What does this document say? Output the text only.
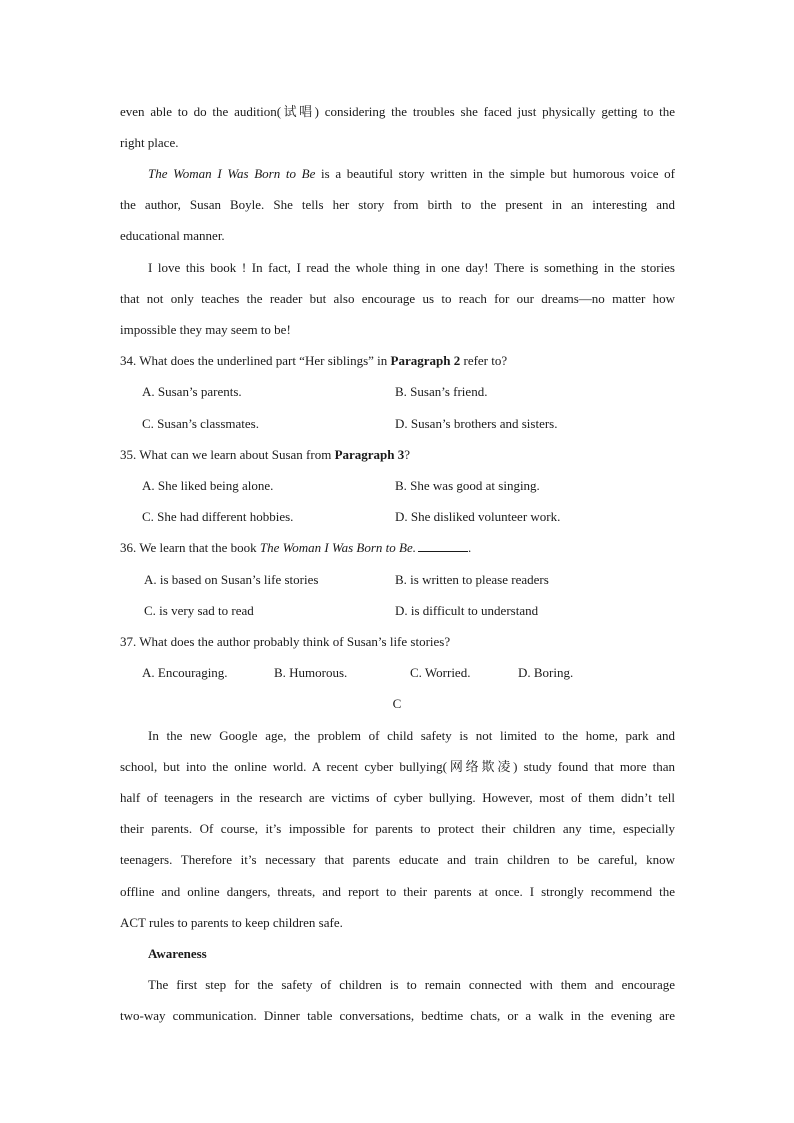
even able to do the audition(试唱) considering the troubles she faced just physically getting to the
right place.
The Woman I Was Born to Be is a beautiful story written in the simple but humorous voice of
the author, Susan Boyle. She tells her story from birth to the present in an interesting and
educational manner.
I love this book ! In fact, I read the whole thing in one day! There is something in the stories
that not only teaches the reader but also encourage us to reach for our dreams—no matter how
impossible they may seem to be!
34. What does the underlined part “Her siblings” in Paragraph 2 refer to?
A. Susan’s parents.	B. Susan’s friend.
C. Susan’s classmates.	D. Susan’s brothers and sisters.
35. What can we learn about Susan from Paragraph 3?
A. She liked being alone.	B. She was good at singing.
C. She had different hobbies.	D. She disliked volunteer work.
36. We learn that the book The Woman I Was Born to Be.	.
A. is based on Susan’s life stories	B. is written to please readers
C. is very sad to read	D. is difficult to understand
37. What does the author probably think of Susan’s life stories?
A. Encouraging.	B. Humorous.	C. Worried.	D. Boring.
C
In the new Google age, the problem of child safety is not limited to the home, park and
school, but into the online world. A recent cyber bullying(网络欺凌) study found that more than
half of teenagers in the research are victims of cyber bullying. However, most of them didn’t tell
their parents. Of course, it’s impossible for parents to protect their children any time, especially
teenagers. Therefore it’s necessary that parents educate and train children to be careful, know
offline and online dangers, threats, and report to their parents at once. I strongly recommend the
ACT rules to parents to keep children safe.
Awareness
The first step for the safety of children is to remain connected with them and encourage
two-way communication. Dinner table conversations, bedtime chats, or a walk in the evening are
